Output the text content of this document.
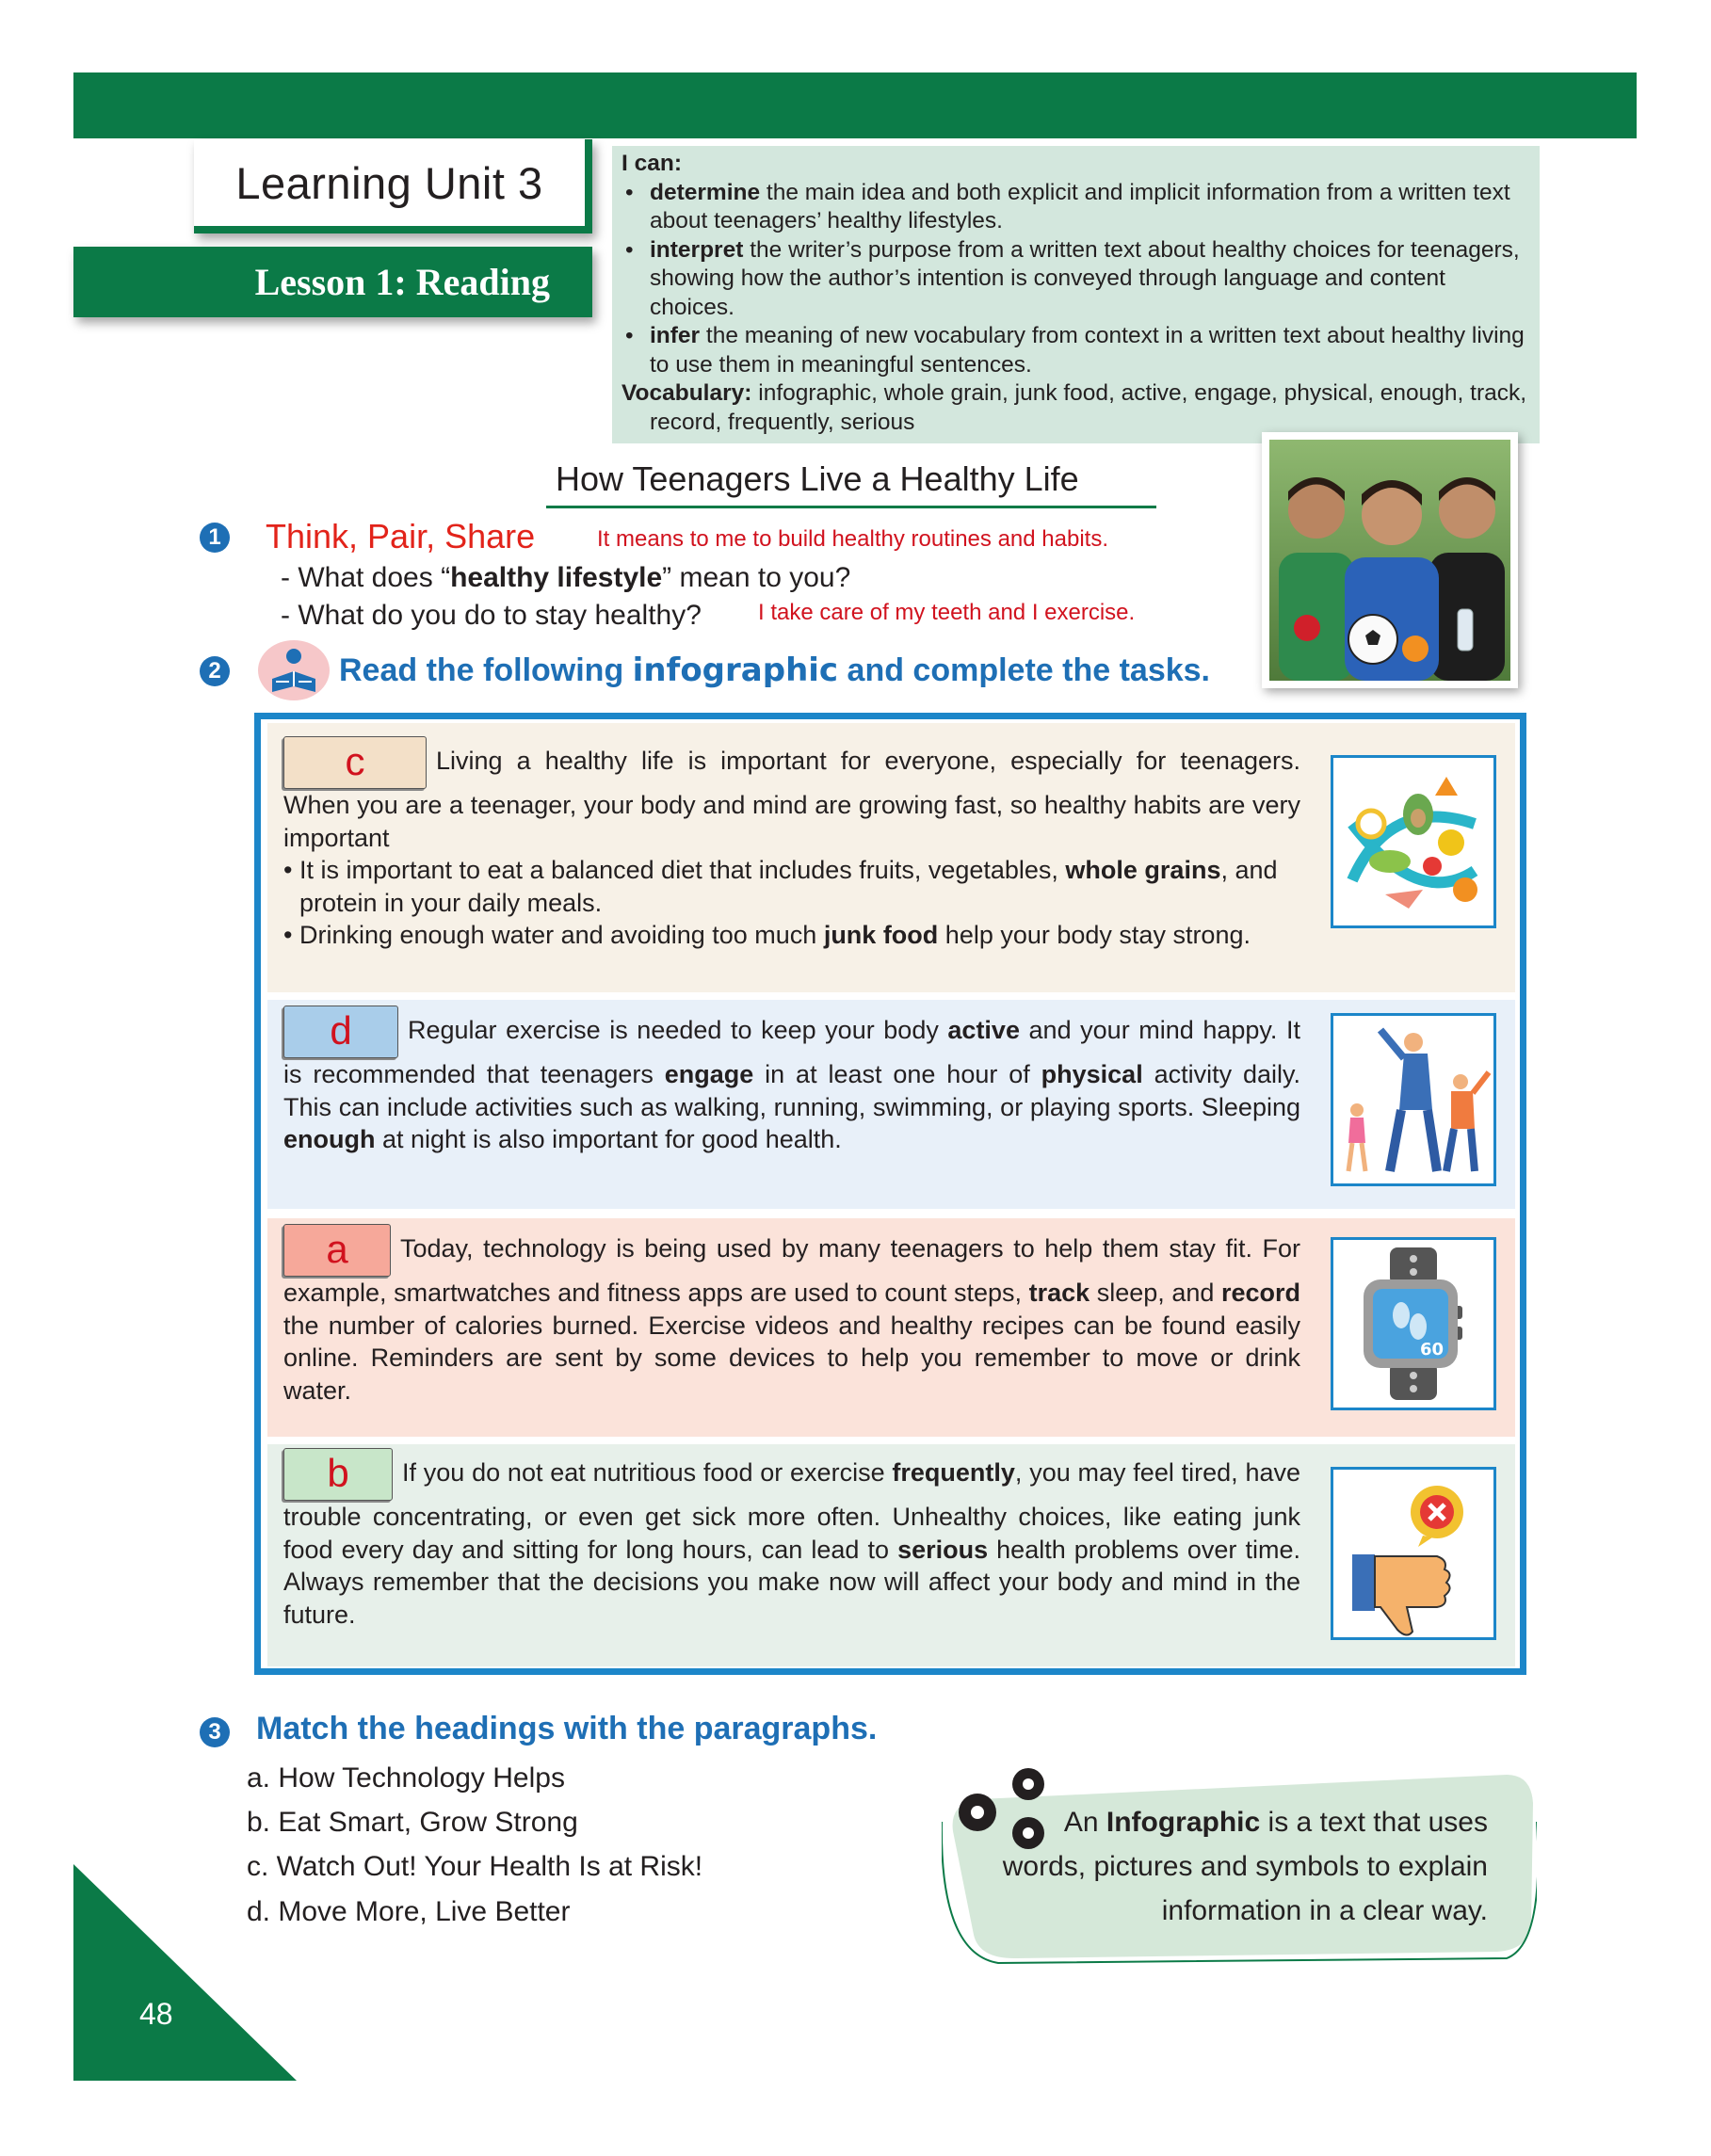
Learning Unit 3
Lesson 1: Reading
I can:
• determine the main idea and both explicit and implicit information from a written text about teenagers’ healthy lifestyles.
• interpret the writer’s purpose from a written text about healthy choices for teenagers, showing how the author’s intention is conveyed through language and content choices.
• infer the meaning of new vocabulary from context in a written text about healthy living to use them in meaningful sentences.
Vocabulary: infographic, whole grain, junk food, active, engage, physical, enough, track, record, frequently, serious
How Teenagers Live a Healthy Life
1 Think, Pair, Share	It means to me to build healthy routines and habits.
- What does “healthy lifestyle” mean to you?
- What do you do to stay healthy?	I take care of my teeth and I exercise.
2	Read the following infographic and complete the tasks.
c	Living a healthy life is important for everyone, especially for teenagers. When you are a teenager, your body and mind are growing fast, so healthy habits are very important
• It is important to eat a balanced diet that includes fruits, vegetables, whole grains, and protein in your daily meals.
• Drinking enough water and avoiding too much junk food help your body stay strong.
d Regular exercise is needed to keep your body active and your mind happy. It is recommended that teenagers engage in at least one hour of physical activity daily. This can include activities such as walking, running, swimming, or playing sports. Sleeping enough at night is also important for good health.
a Today, technology is being used by many teenagers to help them stay fit. For example, smartwatches and fitness apps are used to count steps, track sleep, and record the number of calories burned. Exercise videos and healthy recipes can be found easily online. Reminders are sent by some devices to help you remember to move or drink water.
60
b If you do not eat nutritious food or exercise frequently, you may feel tired, have trouble concentrating, or even get sick more often. Unhealthy choices, like eating junk food every day and sitting for long hours, can lead to serious health problems over time. Always remember that the decisions you make now will affect your body and mind in the future.
3 Match the headings with the paragraphs.
a. How Technology Helps
b. Eat Smart, Grow Strong
c. Watch Out! Your Health Is at Risk!
d. Move More, Live Better
An Infographic is a text that uses words, pictures and symbols to explain information in a clear way.
48
